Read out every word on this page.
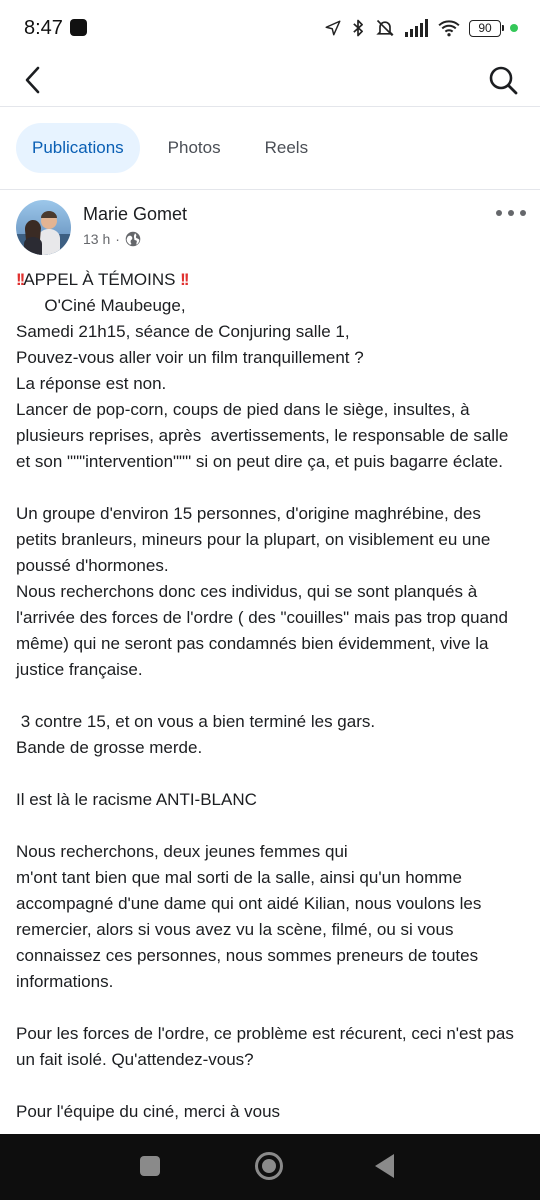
8:47	90
Publications	Photos	Reels
Marie Gomet
13 h ·

!!APPEL À TÉMOINS !!

O'Ciné Maubeuge,

Samedi 21h15, séance de Conjuring salle 1,

Pouvez-vous aller voir un film tranquillement ?

La réponse est non.

Lancer de pop-corn, coups de pied dans le siège, insultes, à plusieurs reprises, après  avertissements, le responsable de salle et son """intervention""" si on peut dire ça, et puis bagarre éclate.

Un groupe d'environ 15 personnes, d'origine maghrébine, des petits branleurs, mineurs pour la plupart, on visiblement eu une poussé d'hormones.

Nous recherchons donc ces individus, qui se sont planqués à l'arrivée des forces de l'ordre ( des "couilles" mais pas trop quand même) qui ne seront pas condamnés bien évidemment, vive la justice française.

3 contre 15, et on vous a bien terminé les gars.

Bande de grosse merde.

Il est là le racisme ANTI-BLANC

Nous recherchons, deux jeunes femmes qui

m'ont tant bien que mal sorti de la salle, ainsi qu'un homme accompagné d'une dame qui ont aidé Kilian, nous voulons les remercier, alors si vous avez vu la scène, filmé, ou si vous connaissez ces personnes, nous sommes preneurs de toutes informations.

Pour les forces de l'ordre, ce problème est récurent, ceci n'est pas un fait isolé. Qu'attendez-vous?

Pour l'équipe du ciné, merci à vous
